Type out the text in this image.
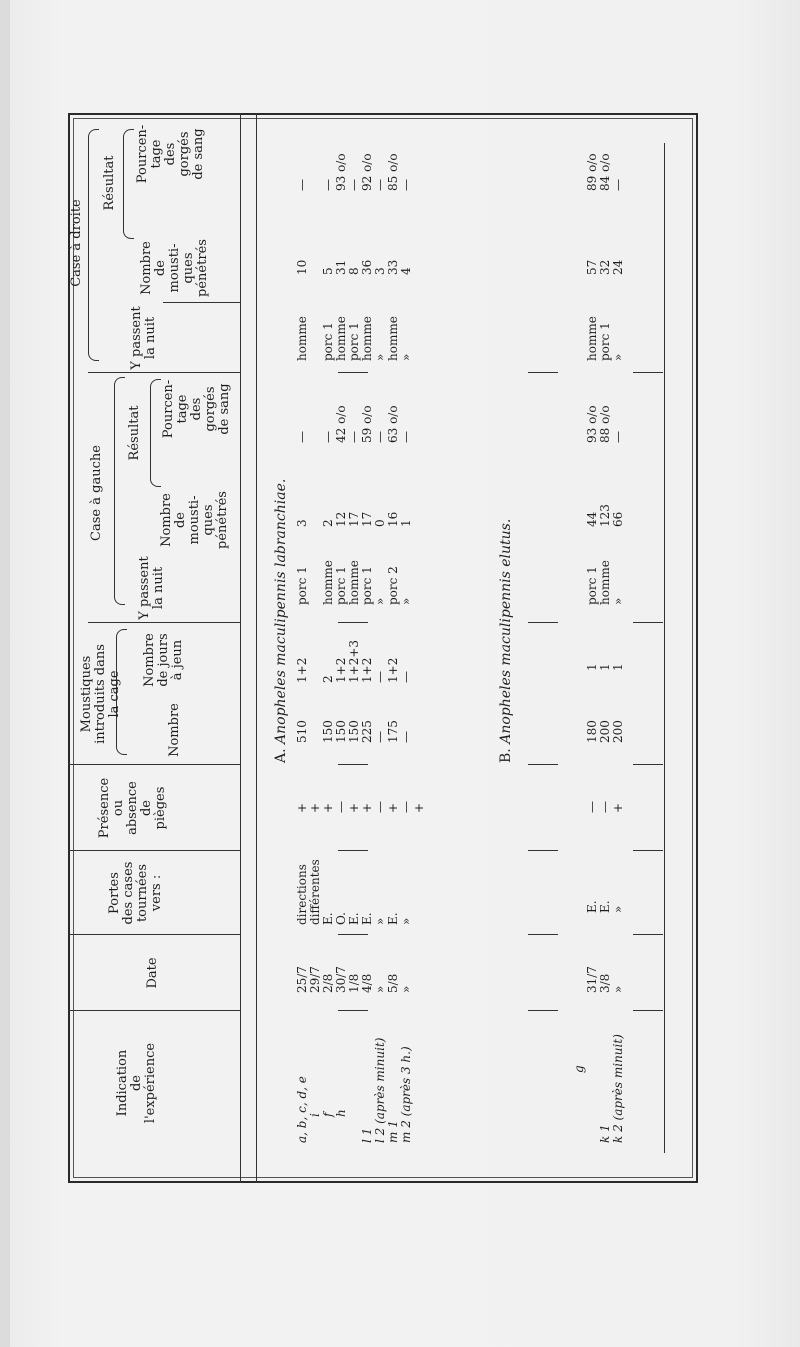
Indication de l'expérience
Date
Portes des cases tournées vers :
Présence ou absence de pièges
Moustiques introduits dans la cage
Nombre
Nombre de jours à jeun
Case à gauche
Y passent la nuit
Résultat
Nombre de mousti- ques pénétrés
Pourcen- tage des gorgés de sang
Case à droite
Y passent la nuit
Résultat
Nombre de mousti- ques pénétrés
Pourcen- tage des gorgés de sang
A. Anopheles maculipennis labranchiae.
a, b, c, d, e i f h
l 1 l 2 (après minuit) m 1 m 2 (après 3 h.)
25/7 29/7 2/8 30/7 1/8 4/8 » 5/8 »
directions différentes E. O. E. E. » E. »
+ + + — + + — + — +
510 150 150 150 225 — 175 —
1+2 2 1+2 1+2+3 1+2 — 1+2 —
porc 1 homme porc 1 homme porc 1 » porc 2 »
3 2 12 17 17 0 16 1
— — 42 o/o — 59 o/o — 63 o/o —
homme porc 1 homme porc 1 homme » homme »
10 5 31 8 36 3 33 4
— — 93 o/o — 92 o/o — 85 o/o —
B. Anopheles maculipennis elutus.
g
k 1 k 2 (après minuit)
31/7 3/8 »
E. E. »
— — +
180 200 200
1 1 1
porc 1 homme »
44 123 66
93 o/o 88 o/o —
homme porc 1 »
57 32 24
89 o/o 84 o/o —
